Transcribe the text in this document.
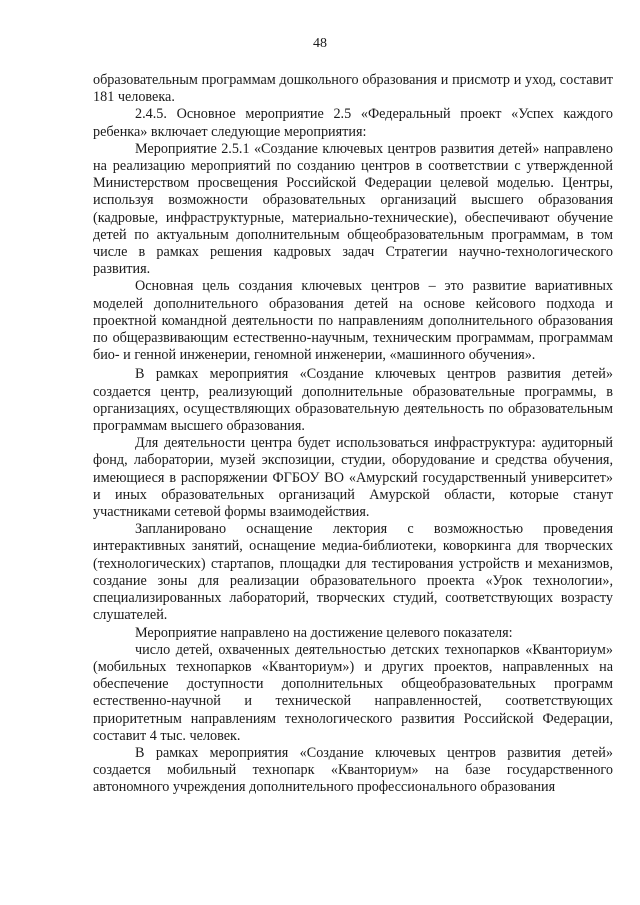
48

образовательным программам дошкольного образования и присмотр и уход, составит 181 человека.

2.4.5. Основное мероприятие 2.5 «Федеральный проект «Успех каждого ребенка» включает следующие мероприятия:

Мероприятие 2.5.1 «Создание ключевых центров развития детей» направлено на реализацию мероприятий по созданию центров в соответствии с утвержденной Министерством просвещения Российской Федерации целевой моделью. Центры, используя возможности образовательных организаций высшего образования (кадровые, инфраструктурные, материально-технические), обеспечивают обучение детей по актуальным дополнительным общеобразовательным программам, в том числе в рамках решения кадровых задач Стратегии научно-технологического развития.

Основная цель создания ключевых центров – это развитие вариативных моделей дополнительного образования детей на основе кейсового подхода и проектной командной деятельности по направлениям дополнительного образования по общеразвивающим естественно-научным, техническим программам, программам био- и генной инженерии, геномной инженерии, «машинного обучения».

В рамках мероприятия «Создание ключевых центров развития детей» создается центр, реализующий дополнительные образовательные программы, в организациях, осуществляющих образовательную деятельность по образовательным программам высшего образования.

Для деятельности центра будет использоваться инфраструктура: аудиторный фонд, лаборатории, музей экспозиции, студии, оборудование и средства обучения, имеющиеся в распоряжении ФГБОУ ВО «Амурский государственный университет» и иных образовательных организаций Амурской области, которые станут участниками сетевой формы взаимодействия.

Запланировано оснащение лектория с возможностью проведения интерактивных занятий, оснащение медиа-библиотеки, коворкинга для творческих (технологических) стартапов, площадки для тестирования устройств и механизмов, создание зоны для реализации образовательного проекта «Урок технологии», специализированных лабораторий, творческих студий, соответствующих возрасту слушателей.

Мероприятие направлено на достижение целевого показателя:

число детей, охваченных деятельностью детских технопарков «Кванториум» (мобильных технопарков «Кванториум») и других проектов, направленных на обеспечение доступности дополнительных общеобразовательных программ естественно-научной и технической направленностей, соответствующих приоритетным направлениям технологического развития Российской Федерации, составит 4 тыс. человек.

В рамках мероприятия «Создание ключевых центров развития детей» создается мобильный технопарк «Кванториум» на базе государственного автономного учреждения дополнительного профессионального образования
